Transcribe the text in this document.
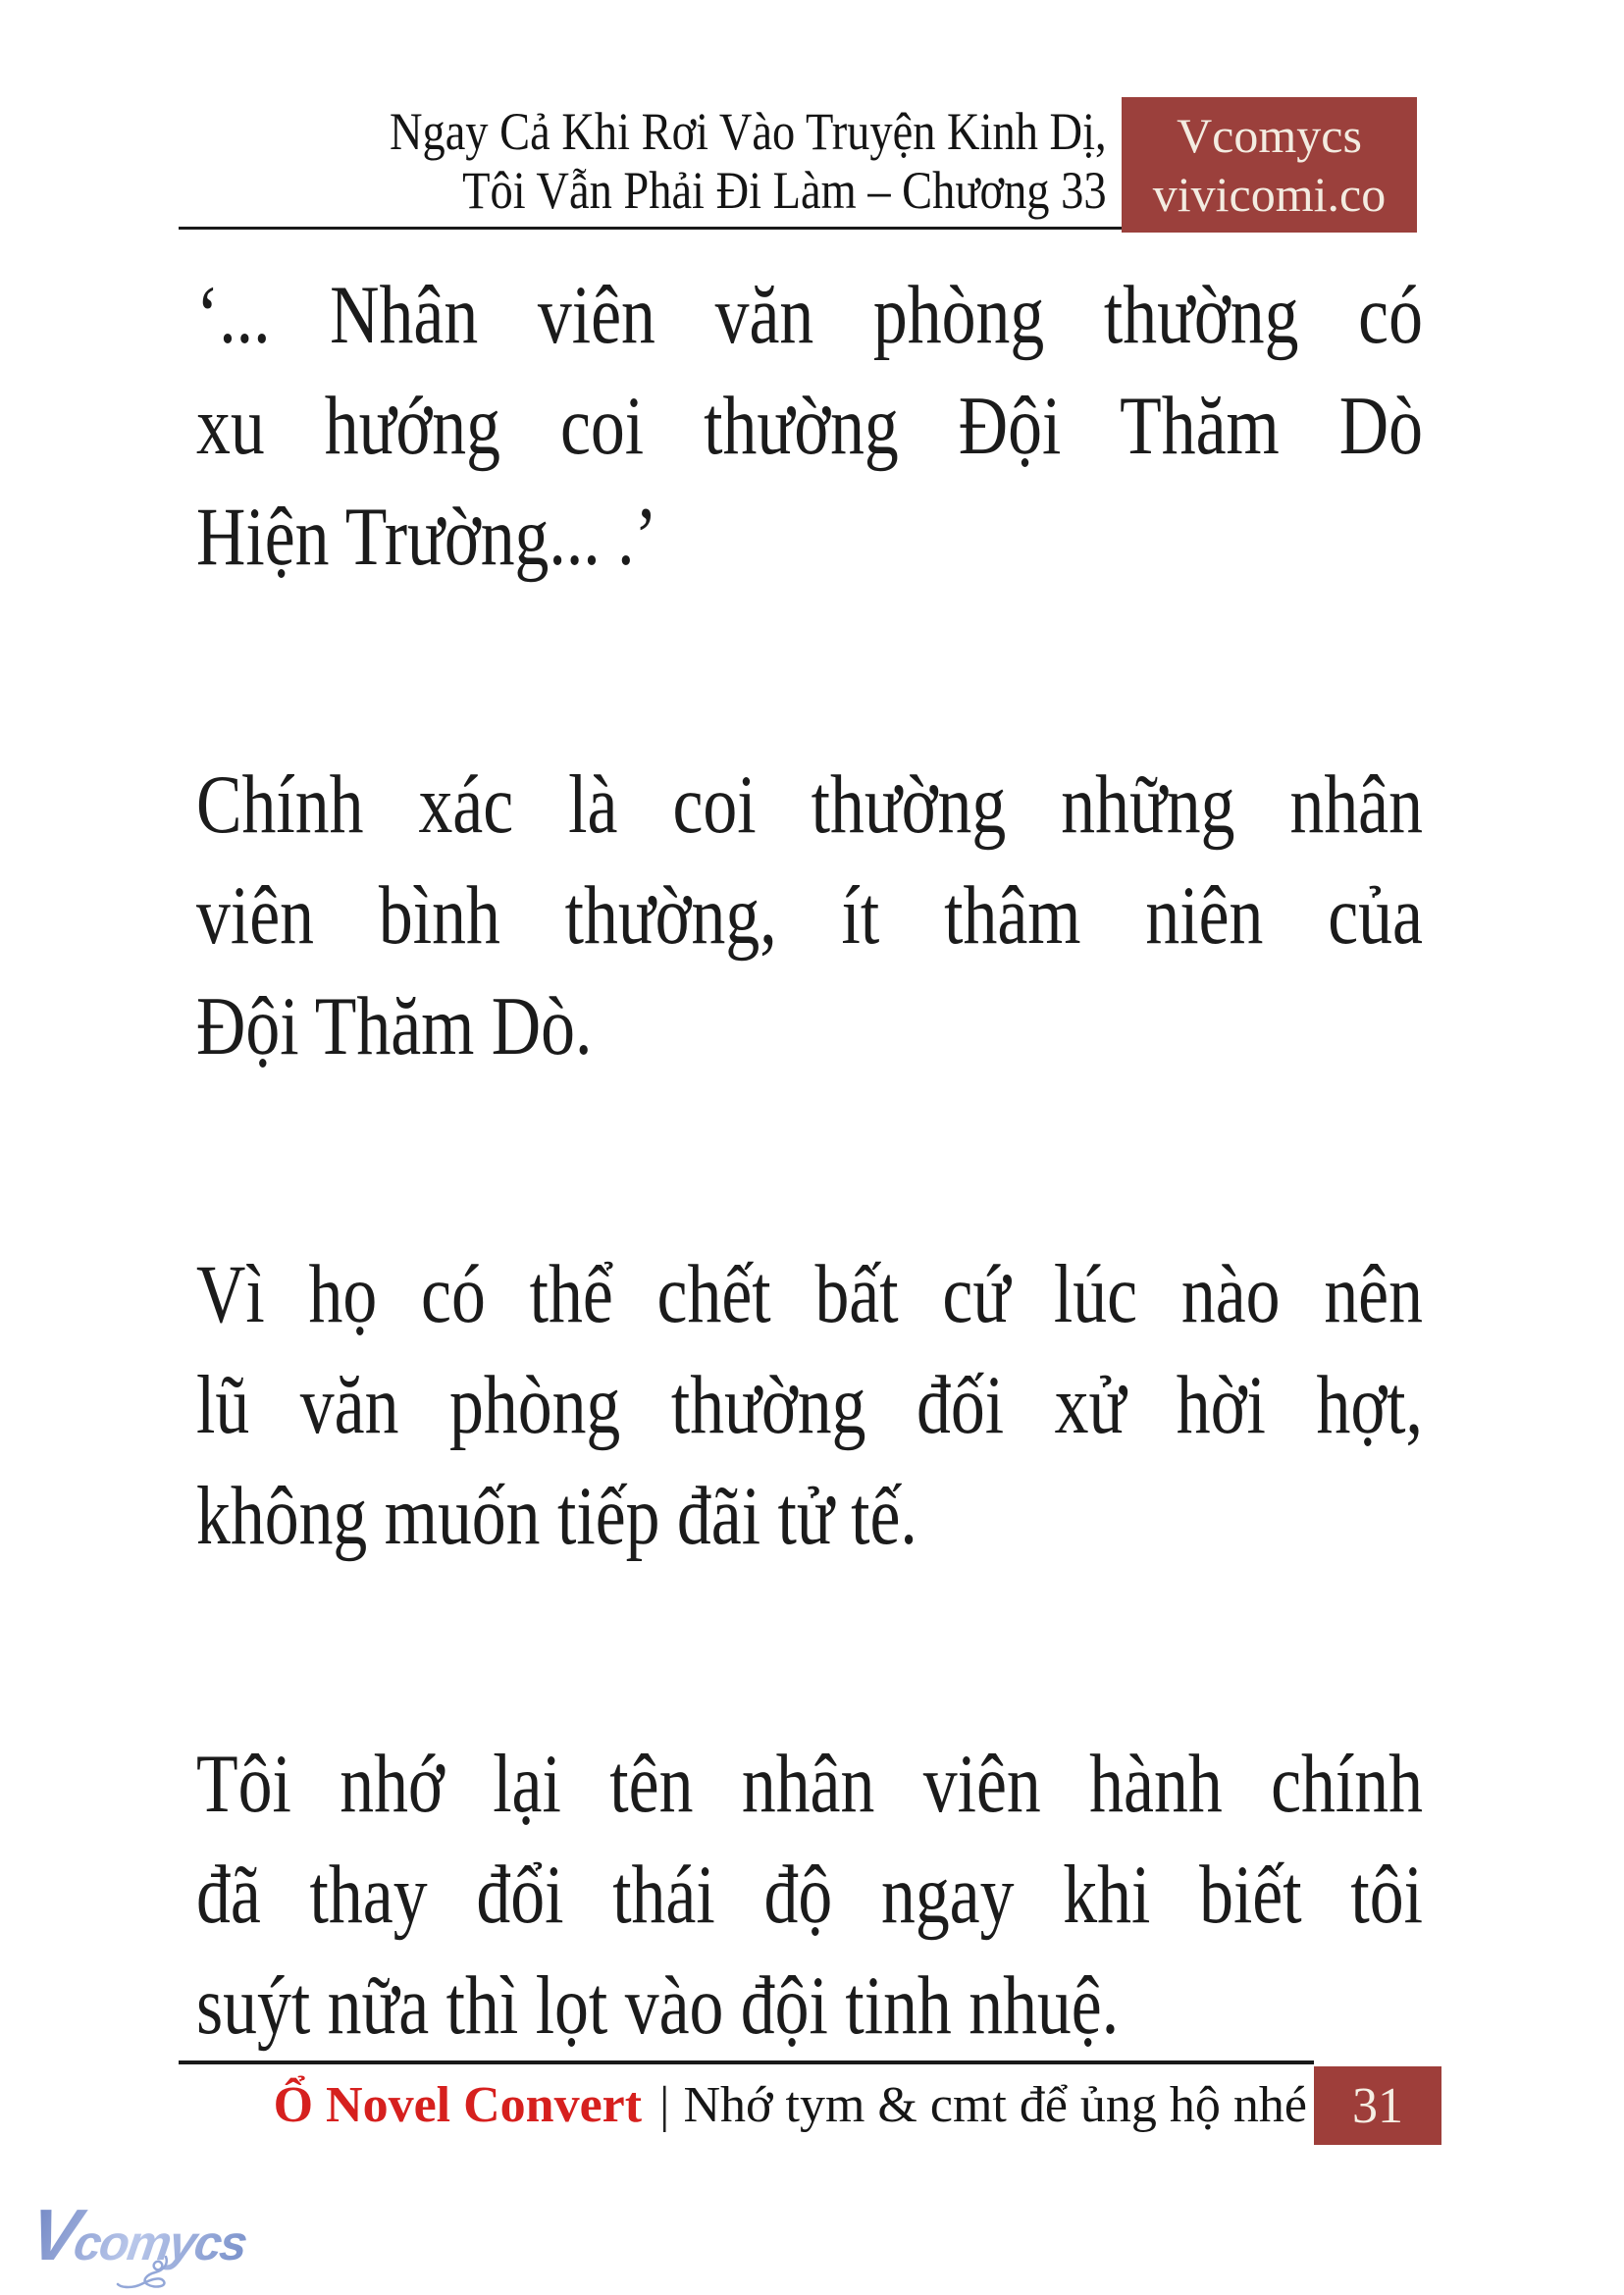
Ngay Cả Khi Rơi Vào Truyện Kinh Dị,
Tôi Vẫn Phải Đi Làm – Chương 33
Vcomycs
vivicomi.co
‘... Nhân viên văn phòng thường có
xu hướng coi thường Đội Thăm Dò
Hiện Trường... .’
Chính xác là coi thường những nhân
viên bình thường, ít thâm niên của
Đội Thăm Dò.
Vì họ có thể chết bất cứ lúc nào nên
lũ văn phòng thường đối xử hời hợt,
không muốn tiếp đãi tử tế.
Tôi nhớ lại tên nhân viên hành chính
đã thay đổi thái độ ngay khi biết tôi
suýt nữa thì lọt vào đội tinh nhuệ.
Ổ Novel Convert | Nhớ tym & cmt để ủng hộ nhé 31
Vcomycs
